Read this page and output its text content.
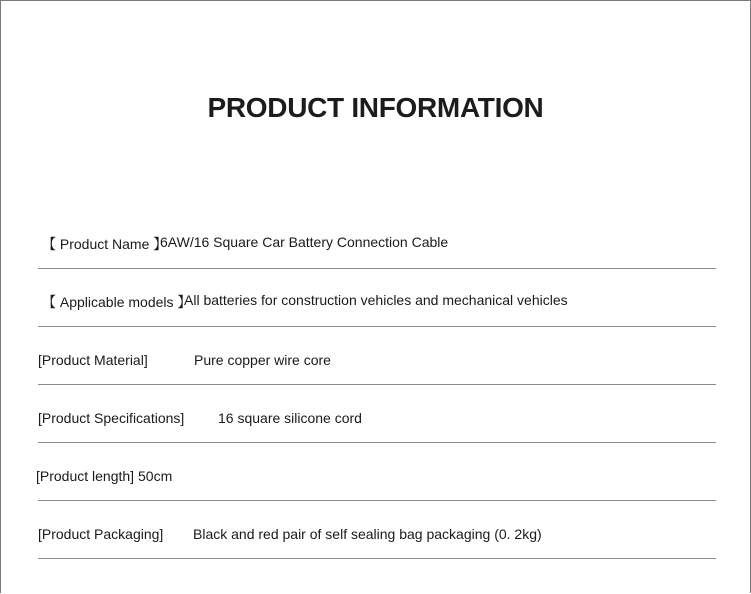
PRODUCT INFORMATION
【 Product Name 】
6AW/16 Square Car Battery Connection Cable
【 Applicable models 】
All batteries for construction vehicles and mechanical vehicles
[Product Material]	Pure copper wire core
[Product Specifications] 16 square silicone cord
[Product length] 50cm
[Product Packaging] Black and red pair of self sealing bag packaging (0. 2kg)
